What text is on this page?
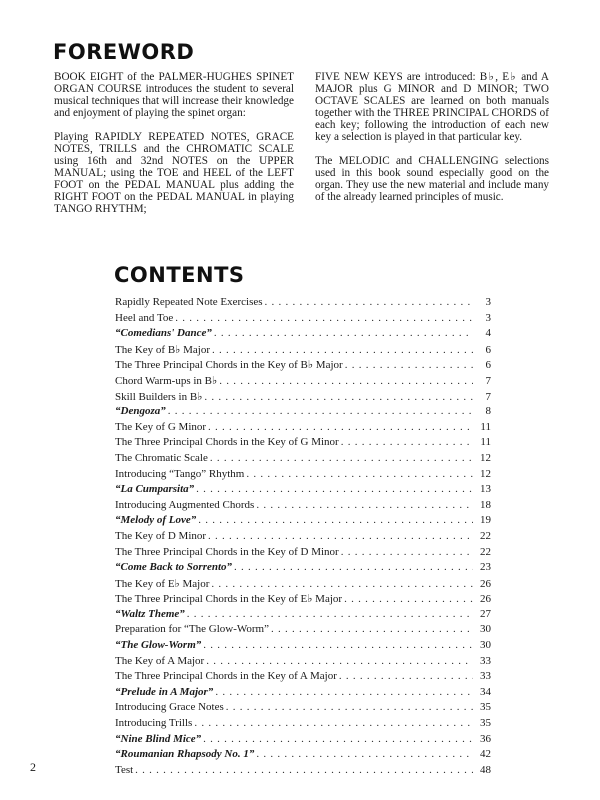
FOREWORD

BOOK EIGHT of the PALMER-HUGHES SPINET ORGAN COURSE introduces the student to several musical techniques that will increase their knowledge and enjoyment of playing the spinet organ:

Playing RAPIDLY REPEATED NOTES, GRACE NOTES, TRILLS and the CHROMATIC SCALE using 16th and 32nd NOTES on the UPPER MANUAL; using the TOE and HEEL of the LEFT FOOT on the PEDAL MANUAL plus adding the RIGHT FOOT on the PEDAL MANUAL in playing TANGO RHYTHM;

FIVE NEW KEYS are introduced: B♭, E♭ and A MAJOR plus G MINOR and D MINOR; TWO OCTAVE SCALES are learned on both manuals together with the THREE PRINCIPAL CHORDS of each key; following the introduction of each new key a selection is played in that particular key.

The MELODIC and CHALLENGING selections used in this book sound especially good on the organ. They use the new material and include many of the already learned principles of music.

CONTENTS
Rapidly Repeated Note Exercises . . .	3
Heel and Toe . . .	3
“Comedians' Dance” . . .	4
The Key of B♭ Major . . .	6
The Three Principal Chords in the Key of B♭ Major . . .	6
Chord Warm-ups in B♭ . . .	7
Skill Builders in B♭ . . .	7
“Dengoza” . . .	8
The Key of G Minor . . .	11
The Three Principal Chords in the Key of G Minor . . .	11
The Chromatic Scale . . .	12
Introducing “Tango” Rhythm . . .	12
“La Cumparsita” . . .	13
Introducing Augmented Chords . . .	18
“Melody of Love” . . .	19
The Key of D Minor . . .	22
The Three Principal Chords in the Key of D Minor . . .	22
“Come Back to Sorrento” . . .	23
The Key of E♭ Major . . .	26
The Three Principal Chords in the Key of E♭ Major . . .	26
“Waltz Theme” . . .	27
Preparation for “The Glow-Worm” . . .	30
“The Glow-Worm” . . .	30
The Key of A Major . . .	33
The Three Principal Chords in the Key of A Major . . .	33
“Prelude in A Major” . . .	34
Introducing Grace Notes . . .	35
Introducing Trills . . .	35
“Nine Blind Mice” . . .	36
“Roumanian Rhapsody No. 1” . . .	42
Test . . .	48
2
